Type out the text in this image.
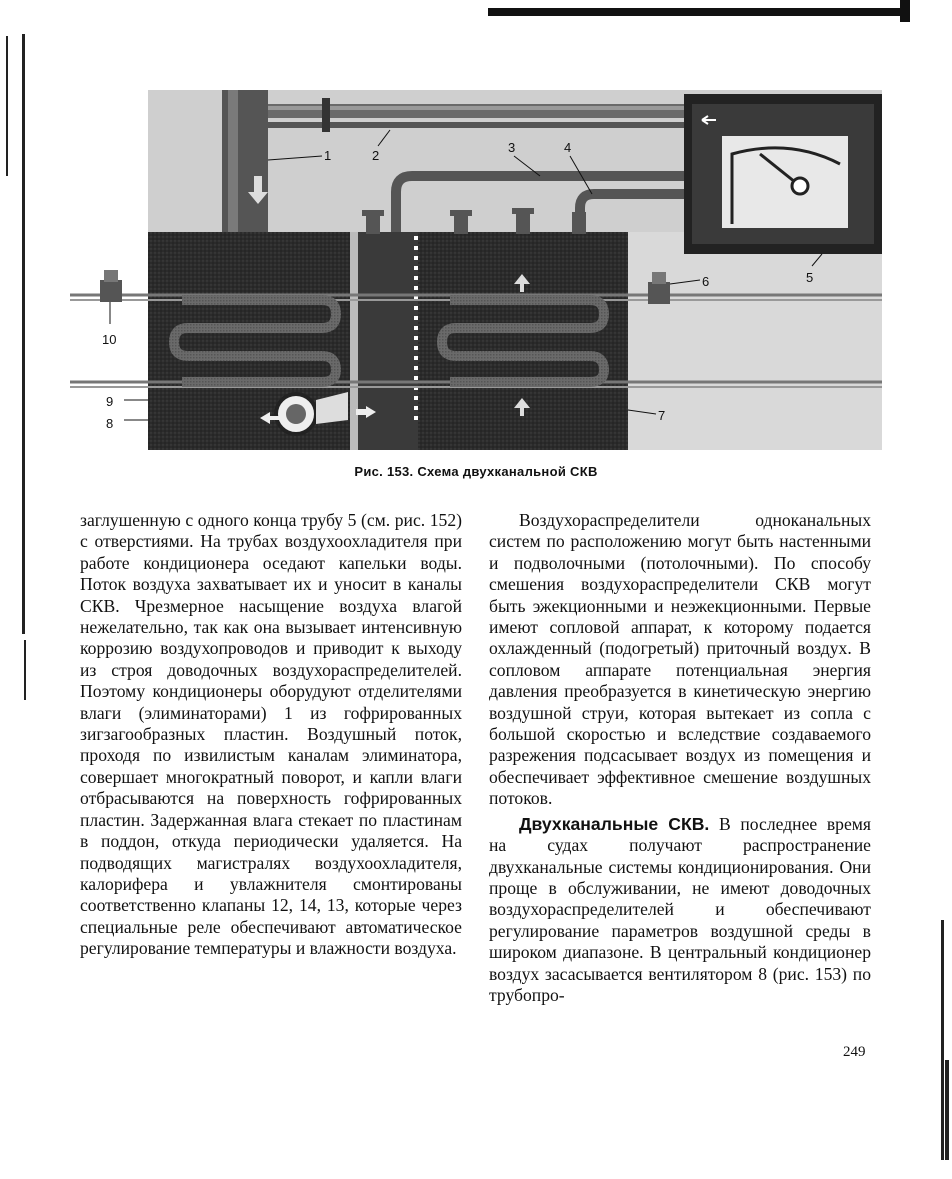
1	2
3	4
5
6
7
8
9
10
Рис. 153. Схема двухканальной СКВ

заглушенную с одного конца трубу 5 (см. рис. 152) с отверстиями. На трубах воздухоохладителя при работе кондиционера оседают капельки воды. Поток воздуха захватывает их и уносит в каналы СКВ. Чрезмерное насыщение воздуха влагой нежелательно, так как она вызывает интенсивную коррозию воздухопроводов и приводит к выходу из строя доводочных воздухораспределителей. Поэтому кондиционеры оборудуют отделителями влаги (элиминаторами) 1 из гофрированных зигзагообразных пластин. Воздушный поток, проходя по извилистым каналам элиминатора, совершает многократный поворот, и капли влаги отбрасываются на поверхность гофрированных пластин. Задержанная влага стекает по пластинам в поддон, откуда периодически удаляется. На подводящих магистралях воздухоохладителя, калорифера и увлажнителя смонтированы соответственно клапаны 12, 14, 13, которые через специальные реле обеспечивают автоматическое регулирование температуры и влажности воздуха.

Воздухораспределители одноканальных систем по расположению могут быть настенными и подволочными (потолочными). По способу смешения воздухораспределители СКВ могут быть эжекционными и неэжекционными. Первые имеют сопловой аппарат, к которому подается охлажденный (подогретый) приточный воздух. В сопловом аппарате потенциальная энергия давления преобразуется в кинетическую энергию воздушной струи, которая вытекает из сопла с большой скоростью и вследствие создаваемого разрежения подсасывает воздух из помещения и обеспечивает эффективное смешение воздушных потоков.

Двухканальные СКВ. В последнее время на судах получают распространение двухканальные системы кондиционирования. Они проще в обслуживании, не имеют доводочных воздухораспределителей и обеспечивают регулирование параметров воздушной среды в широком диапазоне. В центральный кондиционер воздух засасывается вентилятором 8 (рис. 153) по трубопро-

249
